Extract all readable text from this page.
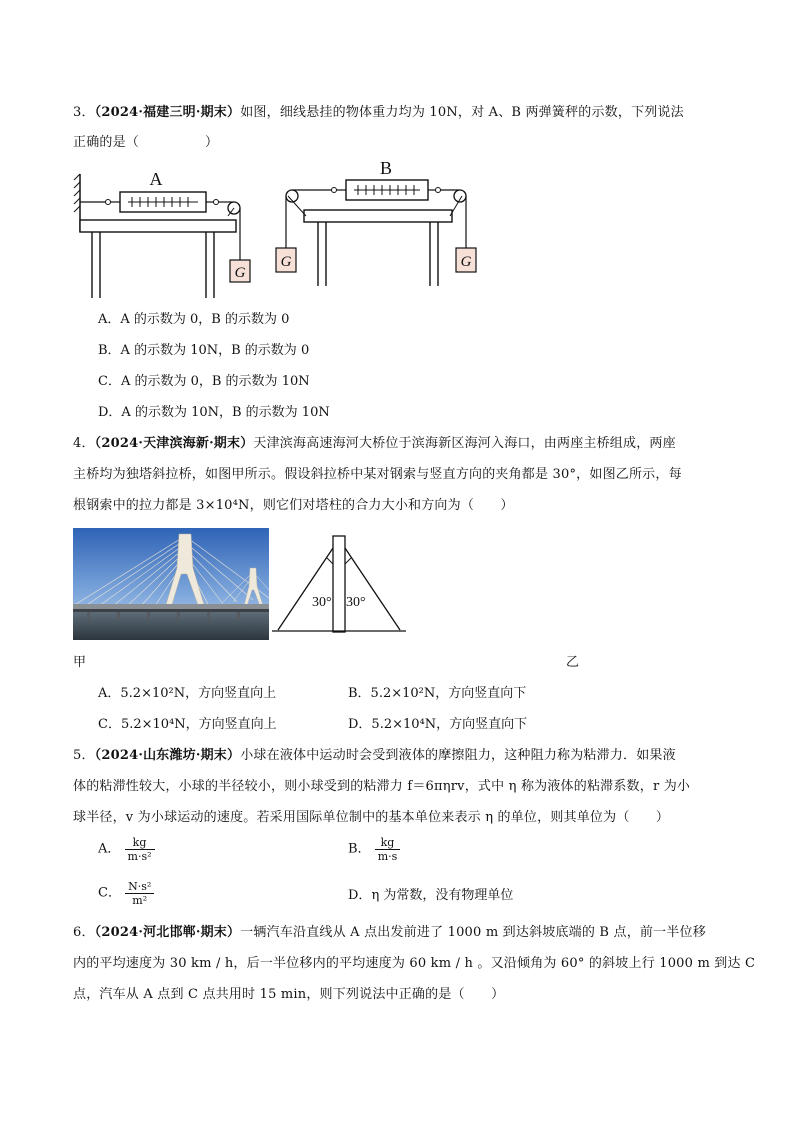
3．（2024·福建三明·期末）如图，细线悬挂的物体重力均为 10N，对 A、B 两弹簧秤的示数，下列说法
正确的是（　　　　　）
G
A
G	G
B
A．A 的示数为 0，B 的示数为 0
B．A 的示数为 10N，B 的示数为 0
C．A 的示数为 0，B 的示数为 10N
D．A 的示数为 10N，B 的示数为 10N
4．（2024·天津滨海新·期末）天津滨海高速海河大桥位于滨海新区海河入海口，由两座主桥组成，两座
主桥均为独塔斜拉桥，如图甲所示。假设斜拉桥中某对钢索与竖直方向的夹角都是 30°，如图乙所示，每
根钢索中的拉力都是 3×10⁴N，则它们对塔柱的合力大小和方向为（　　）
30° 30°
甲	乙
A．5.2×10²N，方向竖直向上	B．5.2×10²N，方向竖直向下
C．5.2×10⁴N，方向竖直向上	D．5.2×10⁴N，方向竖直向下
5．（2024·山东潍坊·期末）小球在液体中运动时会受到液体的摩擦阻力，这种阻力称为粘滞力．如果液
体的粘滞性较大，小球的半径较小，则小球受到的粘滞力 f＝6πηrv，式中 η 称为液体的粘滞系数，r 为小
球半径，v 为小球运动的速度。若采用国际单位制中的基本单位来表示 η 的单位，则其单位为（　　）
A． $\frac{kg}{\text{m·s²}}$	B． $\frac{kg}{m\cdot s}$
C． $\frac{\text{N·s²}}{\text{m²}}$	D．η 为常数，没有物理单位
6．（2024·河北邯郸·期末）一辆汽车沿直线从 A 点出发前进了 1000 m 到达斜坡底端的 B 点，前一半位移
内的平均速度为 30 km / h，后一半位移内的平均速度为 60 km / h 。又沿倾角为 60° 的斜坡上行 1000 m 到达 C
点，汽车从 A 点到 C 点共用时 15 min，则下列说法中正确的是（　　）
